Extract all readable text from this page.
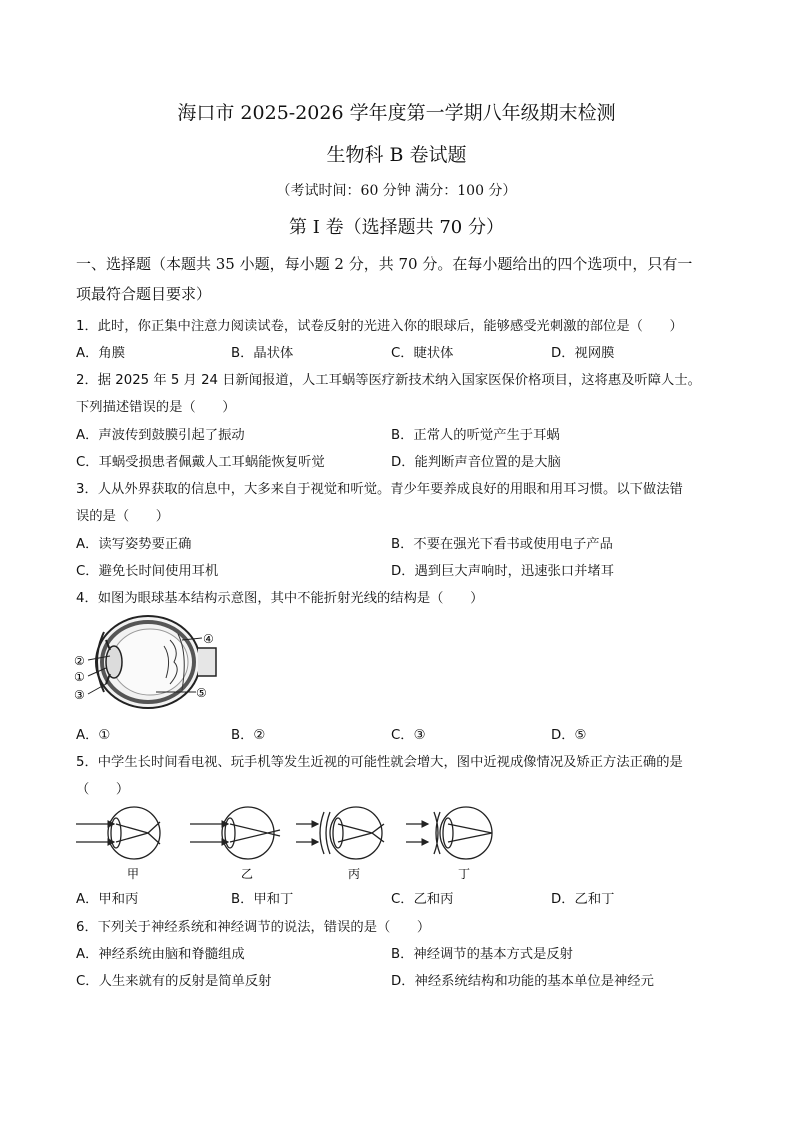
海口市 2025-2026 学年度第一学期八年级期末检测
生物科 B 卷试题
（考试时间：60 分钟 满分：100 分）
第 I 卷（选择题共 70 分）
一、选择题（本题共 35 小题，每小题 2 分，共 70 分。在每小题给出的四个选项中，只有一
项最符合题目要求）
1．此时，你正集中注意力阅读试卷，试卷反射的光进入你的眼球后，能够感受光刺激的部位是（　　）
A．角膜	B．晶状体	C．睫状体	D．视网膜
2．据 2025 年 5 月 24 日新闻报道，人工耳蜗等医疗新技术纳入国家医保价格项目，这将惠及听障人士。
下列描述错误的是（　　）
A．声波传到鼓膜引起了振动	B．正常人的听觉产生于耳蜗
C．耳蜗受损患者佩戴人工耳蜗能恢复听觉	D．能判断声音位置的是大脑
3．人从外界获取的信息中，大多来自于视觉和听觉。青少年要养成良好的用眼和用耳习惯。以下做法错
误的是（　　）
A．读写姿势要正确	B．不要在强光下看书或使用电子产品
C．避免长时间使用耳机	D．遇到巨大声响时，迅速张口并堵耳
4．如图为眼球基本结构示意图，其中不能折射光线的结构是（　　）
②
①
③
④
⑤
A．①	B．②	C．③	D．⑤
5．中学生长时间看电视、玩手机等发生近视的可能性就会增大，图中近视成像情况及矫正方法正确的是
（　　）
甲	乙	丙	丁
A．甲和丙	B．甲和丁	C．乙和丙	D．乙和丁
6．下列关于神经系统和神经调节的说法，错误的是（　　）
A．神经系统由脑和脊髓组成	B．神经调节的基本方式是反射
C．人生来就有的反射是简单反射	D．神经系统结构和功能的基本单位是神经元
